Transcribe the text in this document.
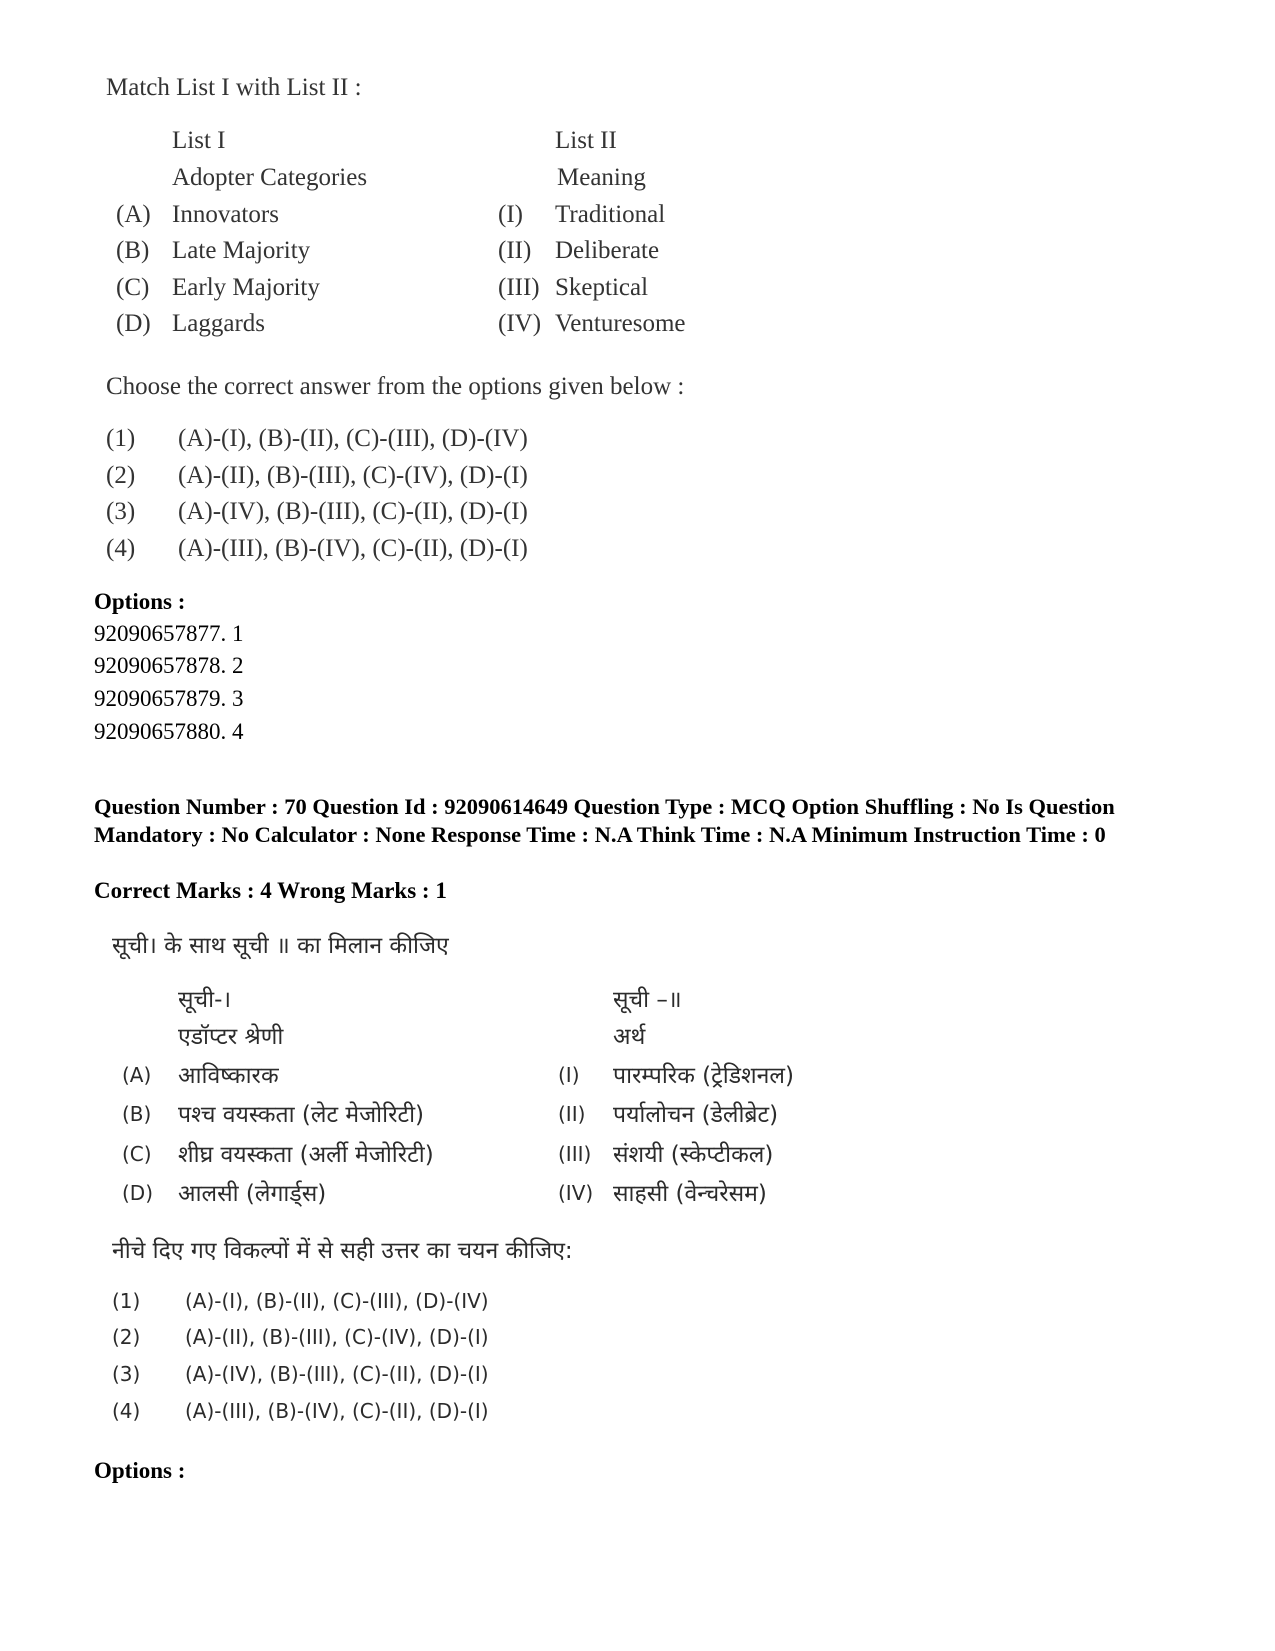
Match List I with List II :
List I	List II
Adopter Categories	Meaning
(A) Innovators	(I) Traditional
(B) Late Majority	(II) Deliberate
(C) Early Majority	(III) Skeptical
(D) Laggards	(IV) Venturesome
Choose the correct answer from the options given below :
(1) (A)-(I), (B)-(II), (C)-(III), (D)-(IV)
(2) (A)-(II), (B)-(III), (C)-(IV), (D)-(I)
(3) (A)-(IV), (B)-(III), (C)-(II), (D)-(I)
(4) (A)-(III), (B)-(IV), (C)-(II), (D)-(I)
Options :
92090657877. 1
92090657878. 2
92090657879. 3
92090657880. 4
Question Number : 70 Question Id : 92090614649 Question Type : MCQ Option Shuffling : No Is Question Mandatory : No Calculator : None Response Time : N.A Think Time : N.A Minimum Instruction Time : 0
Correct Marks : 4 Wrong Marks : 1
सूची। के साथ सूची ॥ का मिलान कीजिए
सूची-।	सूची –॥
एडॉप्टर श्रेणी	अर्थ
(A) आविष्कारक	(I) पारम्परिक (ट्रेडिशनल)
(B) पश्च वयस्कता (लेट मेजोरिटी)	(II) पर्यालोचन (डेलीब्रेट)
(C) शीघ्र वयस्कता (अर्ली मेजोरिटी)	(III) संशयी (स्केप्टीकल)
(D) आलसी (लेगार्ड्स)	(IV) साहसी (वेन्चरेसम)
नीचे दिए गए विकल्पों में से सही उत्तर का चयन कीजिए:
(1) (A)-(I), (B)-(II), (C)-(III), (D)-(IV)
(2) (A)-(II), (B)-(III), (C)-(IV), (D)-(I)
(3) (A)-(IV), (B)-(III), (C)-(II), (D)-(I)
(4) (A)-(III), (B)-(IV), (C)-(II), (D)-(I)
Options :
